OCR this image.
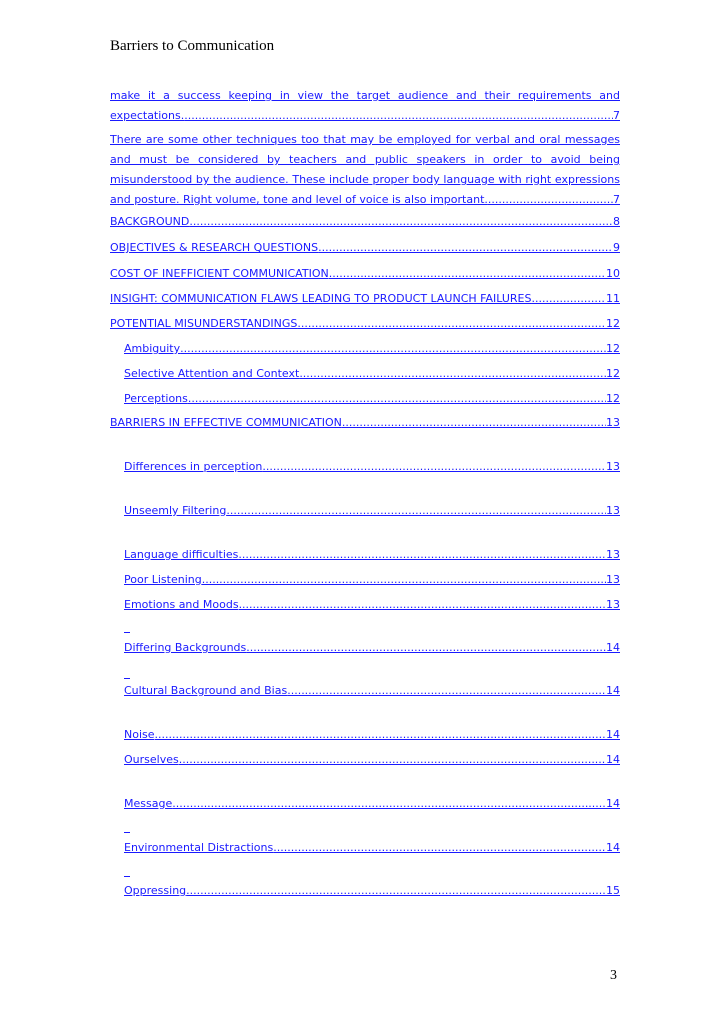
Barriers to Communication
make it a success keeping in view the target audience and their requirements and
expectations. .....	7
There are some other techniques too that may be employed for verbal and oral messages
and must be considered by teachers and public speakers in order to avoid being
misunderstood by the audience. These include proper body language with right expressions
and posture. Right volume, tone and level of voice is also important. .....	7
BACKGROUND .....	8
OBJECTIVES & RESEARCH QUESTIONS .....	9
COST OF INEFFICIENT COMMUNICATION .....	10
INSIGHT: COMMUNICATION FLAWS LEADING TO PRODUCT LAUNCH FAILURES .....	11
POTENTIAL MISUNDERSTANDINGS .....	12
Ambiguity .....	12
Selective Attention and Context .....	12
Perceptions .....	12
BARRIERS IN EFFECTIVE COMMUNICATION .....	13
Differences in perception .....	13
Unseemly Filtering .....	13
Language difficulties .....	13
Poor Listening .....	13
Emotions and Moods .....	13
Differing Backgrounds .....	14
Cultural Background and Bias .....	14
Noise .....	14
Ourselves .....	14
Message .....	14
Environmental Distractions .....	14
Oppressing .....	15
3
